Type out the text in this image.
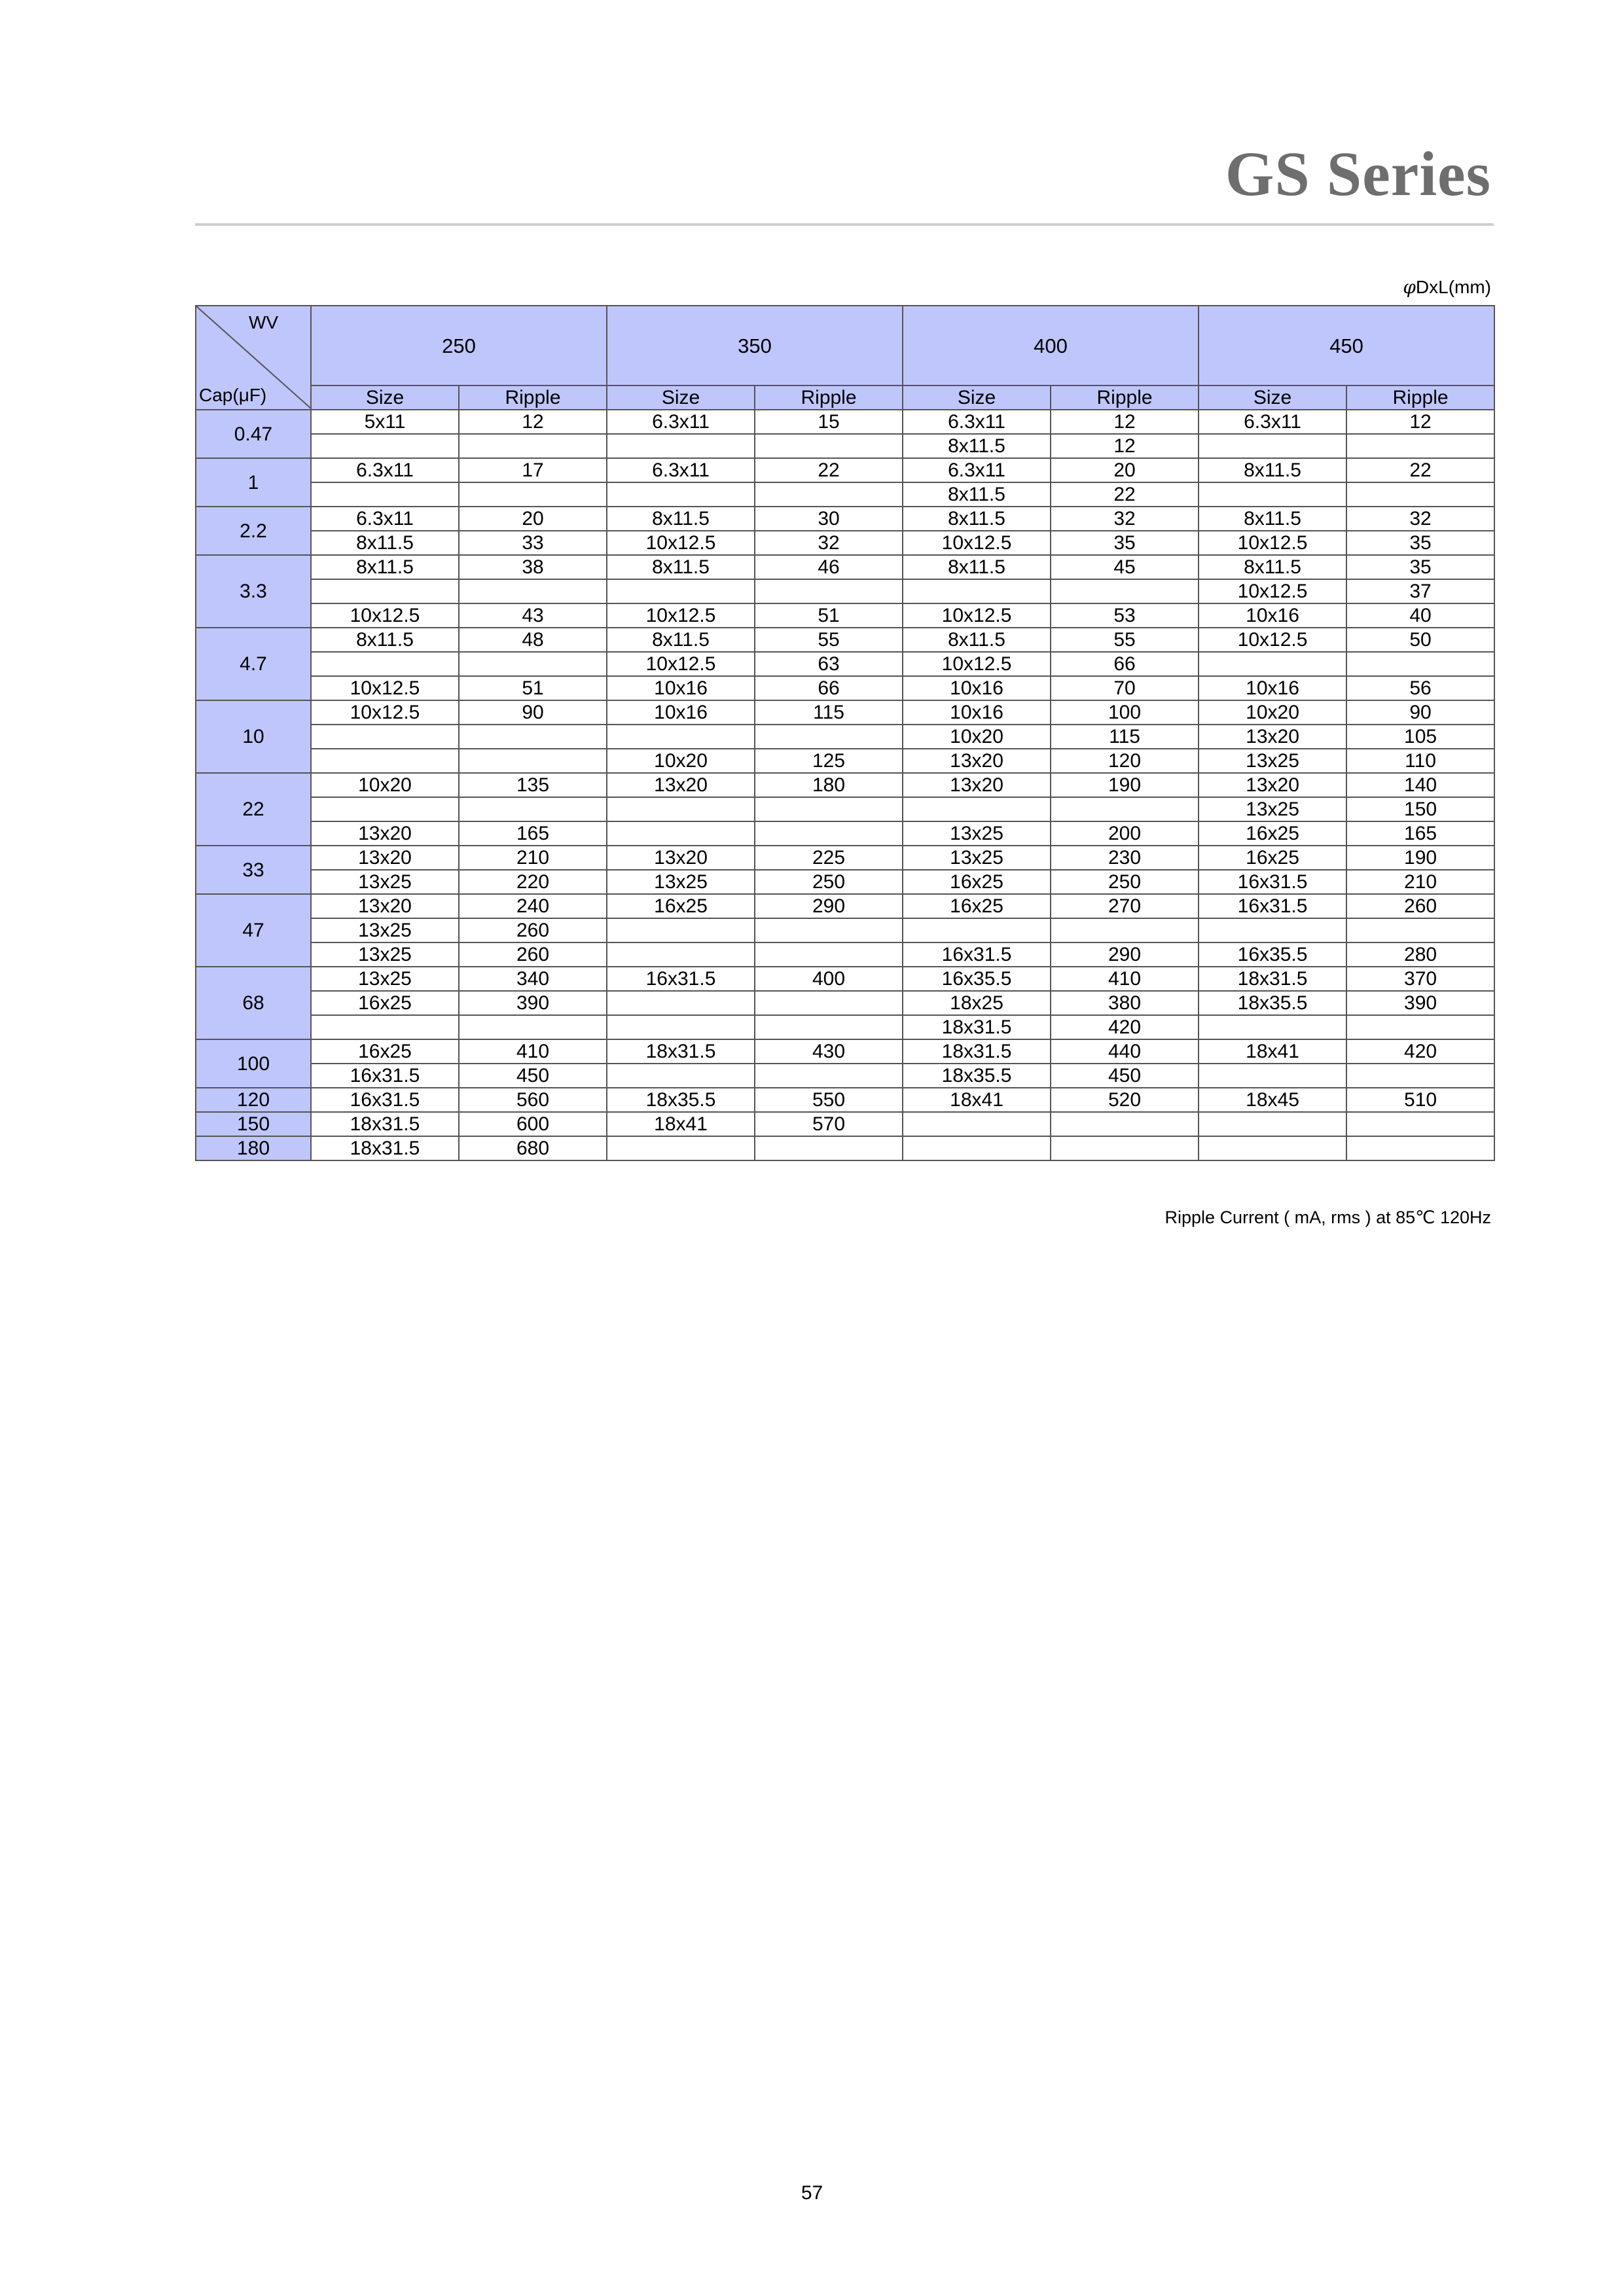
GS Series
φDxL(mm)
WV
Cap(μF)	250		350		400		450	
	Size	Ripple	Size	Ripple	Size	Ripple	Size	Ripple
0.47	5x11	12	6.3x11	15	6.3x11	12	6.3x11	12
					8x11.5	12		
1	6.3x11	17	6.3x11	22	6.3x11	20	8x11.5	22
					8x11.5	22		
2.2	6.3x11	20	8x11.5	30	8x11.5	32	8x11.5	32
	8x11.5	33	10x12.5	32	10x12.5	35	10x12.5	35
3.3	8x11.5	38	8x11.5	46	8x11.5	45	8x11.5	35
							10x12.5	37
	10x12.5	43	10x12.5	51	10x12.5	53	10x16	40
4.7	8x11.5	48	8x11.5	55	8x11.5	55	10x12.5	50
			10x12.5	63	10x12.5	66		
	10x12.5	51	10x16	66	10x16	70	10x16	56
10	10x12.5	90	10x16	115	10x16	100	10x20	90
					10x20	115	13x20	105
			10x20	125	13x20	120	13x25	110
22	10x20	135	13x20	180	13x20	190	13x20	140
							13x25	150
	13x20	165			13x25	200	16x25	165
33	13x20	210	13x20	225	13x25	230	16x25	190
	13x25	220	13x25	250	16x25	250	16x31.5	210
47	13x20	240	16x25	290	16x25	270	16x31.5	260
	13x25	260						
	13x25	260			16x31.5	290	16x35.5	280
68	13x25	340	16x31.5	400	16x35.5	410	18x31.5	370
	16x25	390			18x25	380	18x35.5	390
					18x31.5	420		
100	16x25	410	18x31.5	430	18x31.5	440	18x41	420
	16x31.5	450			18x35.5	450		
120	16x31.5	560	18x35.5	550	18x41	520	18x45	510
150	18x31.5	600	18x41	570				
180	18x31.5	680						
Ripple Current ( mA, rms ) at 85℃ 120Hz
57
